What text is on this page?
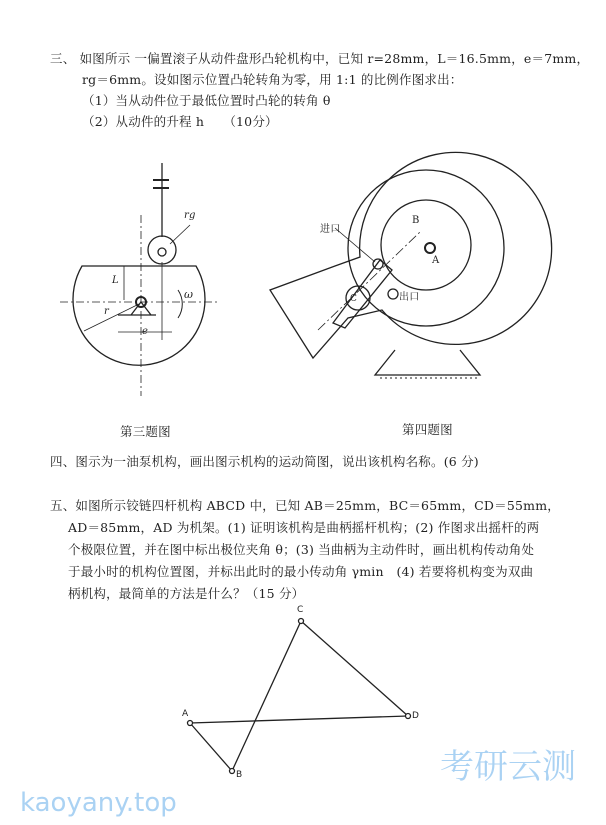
三、 如图所示 一偏置滚子从动件盘形凸轮机构中，已知 r=28mm，L＝16.5mm，e＝7mm，
rg＝6mm。设如图示位置凸轮转角为零，用 1:1 的比例作图求出：
（1）当从动件位于最低位置时凸轮的转角 θ
（2）从动件的升程 h　　（10分）
rg
L
ω
r
e
第三题图
进口
出口
B
A
C
第四题图
四、图示为一油泵机构，画出图示机构的运动简图，说出该机构名称。(6 分)
五、如图所示铰链四杆机构 ABCD 中，已知 AB＝25mm，BC＝65mm，CD＝55mm，
AD＝85mm，AD 为机架。(1) 证明该机构是曲柄摇杆机构；(2) 作图求出摇杆的两
个极限位置，并在图中标出极位夹角 θ；(3) 当曲柄为主动件时，画出机构传动角处
于最小时的机构位置图，并标出此时的最小传动角 γmin　(4) 若要将机构变为双曲
柄机构，最简单的方法是什么？（15 分）
A
B
C
D
考研云测
kaoyany.top
